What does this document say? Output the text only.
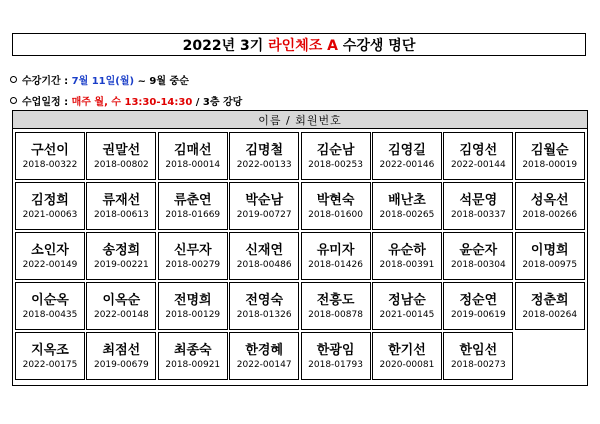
2022년 3기 라인체조 A 수강생 명단
수강기간 : 7월 11일(월) ~ 9월 중순
수업일정 : 매주 월, 수 13:30-14:30 / 3층 강당
이름 / 회원번호
구선이
2018-00322
권말선
2018-00802
김매선
2018-00014
김명철
2022-00133
김순남
2018-00253
김영길
2022-00146
김영선
2022-00144
김월순
2018-00019
김정희
2021-00063
류재선
2018-00613
류춘연
2018-01669
박순남
2019-00727
박현숙
2018-01600
배난초
2018-00265
석문영
2018-00337
성옥선
2018-00266
소인자
2022-00149
송정희
2019-00221
신무자
2018-00279
신재연
2018-00486
유미자
2018-01426
유순하
2018-00391
윤순자
2018-00304
이명희
2018-00975
이순옥
2018-00435
이옥순
2022-00148
전명희
2018-00129
전영숙
2018-01326
전흥도
2018-00878
정남순
2021-00145
정순연
2019-00619
정춘희
2018-00264
지옥조
2022-00175
최점선
2019-00679
최종숙
2018-00921
한경혜
2022-00147
한광임
2018-01793
한기선
2020-00081
한임선
2018-00273
